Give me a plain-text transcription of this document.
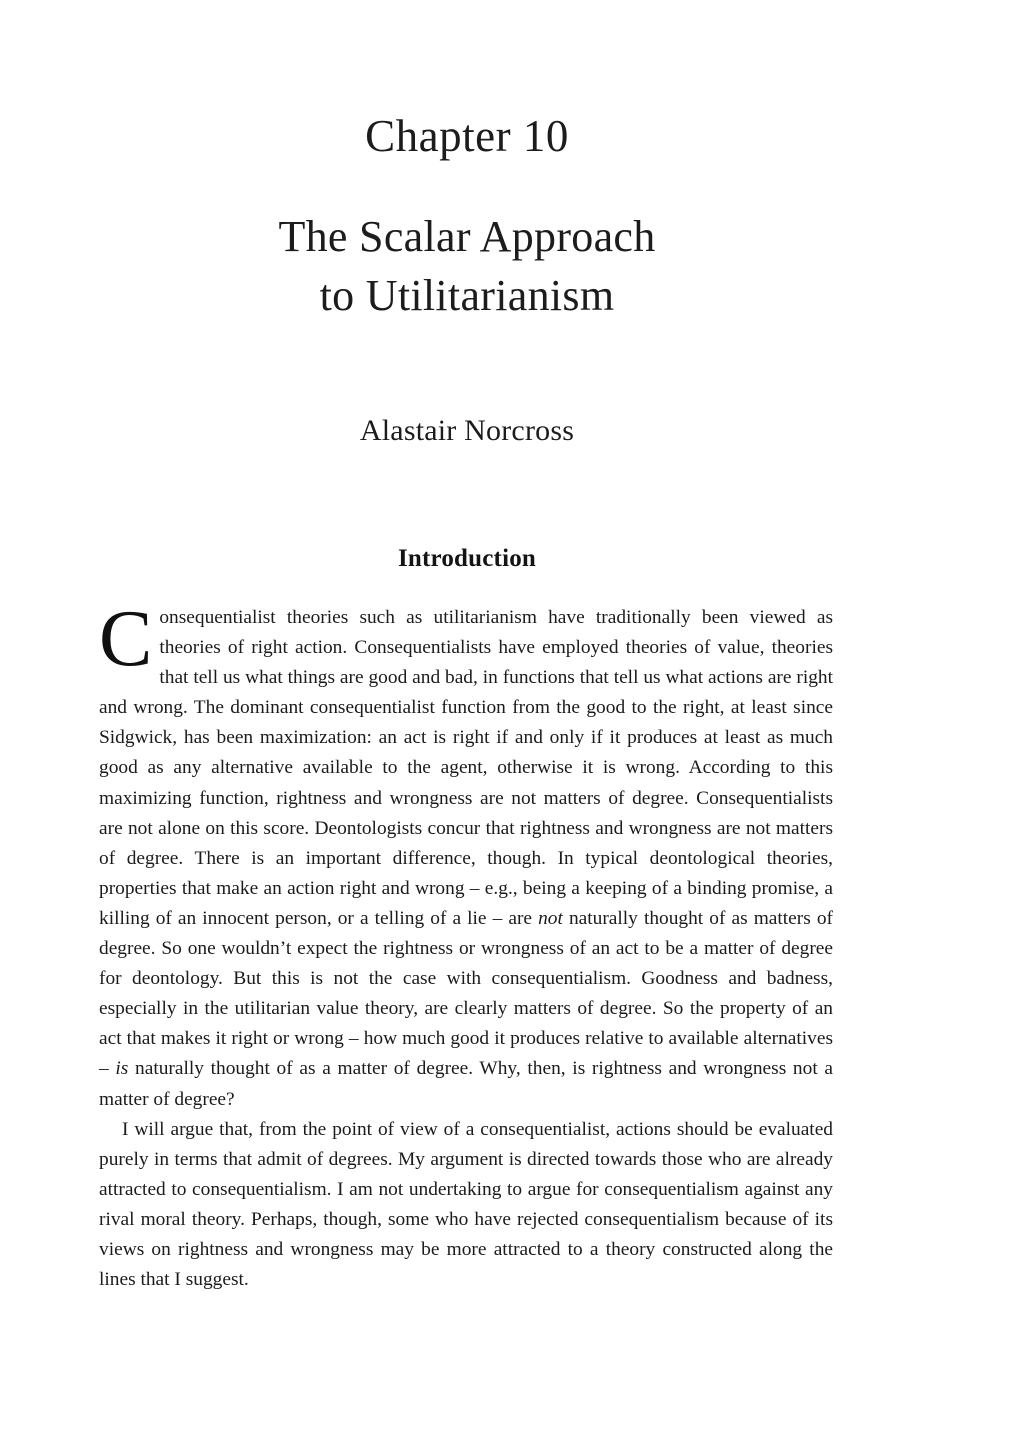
Chapter 10
The Scalar Approach
to Utilitarianism
Alastair Norcross
Introduction

Consequentialist theories such as utilitarianism have traditionally been viewed as theories of right action. Consequentialists have employed theories of value, theories that tell us what things are good and bad, in functions that tell us what actions are right and wrong. The dominant consequentialist function from the good to the right, at least since Sidgwick, has been maximization: an act is right if and only if it produces at least as much good as any alternative available to the agent, otherwise it is wrong. According to this maximizing function, rightness and wrongness are not matters of degree. Consequentialists are not alone on this score. Deontologists concur that rightness and wrongness are not matters of degree. There is an important difference, though. In typical deontological theories, properties that make an action right and wrong – e.g., being a keeping of a binding promise, a killing of an innocent person, or a telling of a lie – are not naturally thought of as matters of degree. So one wouldn’t expect the rightness or wrongness of an act to be a matter of degree for deontology. But this is not the case with consequentialism. Goodness and badness, especially in the utilitarian value theory, are clearly matters of degree. So the property of an act that makes it right or wrong – how much good it produces relative to available alternatives – is naturally thought of as a matter of degree. Why, then, is rightness and wrongness not a matter of degree?

I will argue that, from the point of view of a consequentialist, actions should be evaluated purely in terms that admit of degrees. My argument is directed towards those who are already attracted to consequentialism. I am not undertaking to argue for consequentialism against any rival moral theory. Perhaps, though, some who have rejected consequentialism because of its views on rightness and wrongness may be more attracted to a theory constructed along the lines that I suggest.
